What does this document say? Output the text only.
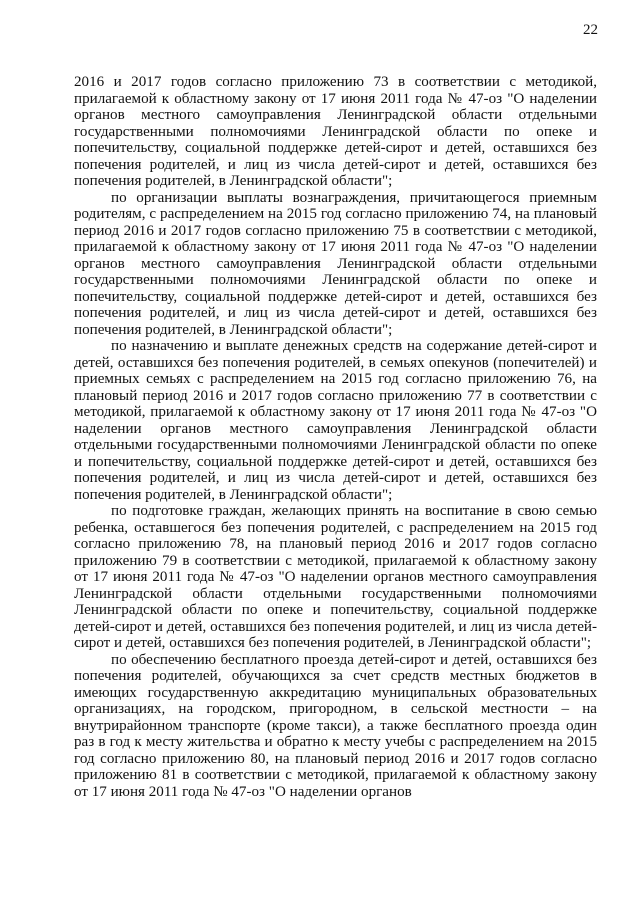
22

2016 и 2017 годов согласно приложению 73 в соответствии с методикой, прилагаемой к областному закону от 17 июня 2011 года № 47-оз "О наделении органов местного самоуправления Ленинградской области отдельными государственными полномочиями Ленинградской области по опеке и попечительству, социальной поддержке детей-сирот и детей, оставшихся без попечения родителей, и лиц из числа детей-сирот и детей, оставшихся без попечения родителей, в Ленинградской области";

по организации выплаты вознаграждения, причитающегося приемным родителям, с распределением на 2015 год согласно приложению 74, на плановый период 2016 и 2017 годов согласно приложению 75 в соответствии с методикой, прилагаемой к областному закону от 17 июня 2011 года № 47-оз "О наделении органов местного самоуправления Ленинградской области отдельными государственными полномочиями Ленинградской области по опеке и попечительству, социальной поддержке детей-сирот и детей, оставшихся без попечения родителей, и лиц из числа детей-сирот и детей, оставшихся без попечения родителей, в Ленинградской области";

по назначению и выплате денежных средств на содержание детей-сирот и детей, оставшихся без попечения родителей, в семьях опекунов (попечителей) и приемных семьях с распределением на 2015 год согласно приложению 76, на плановый период 2016 и 2017 годов согласно приложению 77 в соответствии с методикой, прилагаемой к областному закону от 17 июня 2011 года № 47-оз "О наделении органов местного самоуправления Ленинградской области отдельными государственными полномочиями Ленинградской области по опеке и попечительству, социальной поддержке детей-сирот и детей, оставшихся без попечения родителей, и лиц из числа детей-сирот и детей, оставшихся без попечения родителей, в Ленинградской области";

по подготовке граждан, желающих принять на воспитание в свою семью ребенка, оставшегося без попечения родителей, с распределением на 2015 год согласно приложению 78, на плановый период 2016 и 2017 годов согласно приложению 79 в соответствии с методикой, прилагаемой к областному закону от 17 июня 2011 года № 47-оз "О наделении органов местного самоуправления Ленинградской области отдельными государственными полномочиями Ленинградской области по опеке и попечительству, социальной поддержке детей-сирот и детей, оставшихся без попечения родителей, и лиц из числа детей-сирот и детей, оставшихся без попечения родителей, в Ленинградской области";

по обеспечению бесплатного проезда детей-сирот и детей, оставшихся без попечения родителей, обучающихся за счет средств местных бюджетов в имеющих государственную аккредитацию муниципальных образовательных организациях, на городском, пригородном, в сельской местности – на внутрирайонном транспорте (кроме такси), а также бесплатного проезда один раз в год к месту жительства и обратно к месту учебы с распределением на 2015 год согласно приложению 80, на плановый период 2016 и 2017 годов согласно приложению 81 в соответствии с методикой, прилагаемой к областному закону от 17 июня 2011 года № 47-оз "О наделении органов
